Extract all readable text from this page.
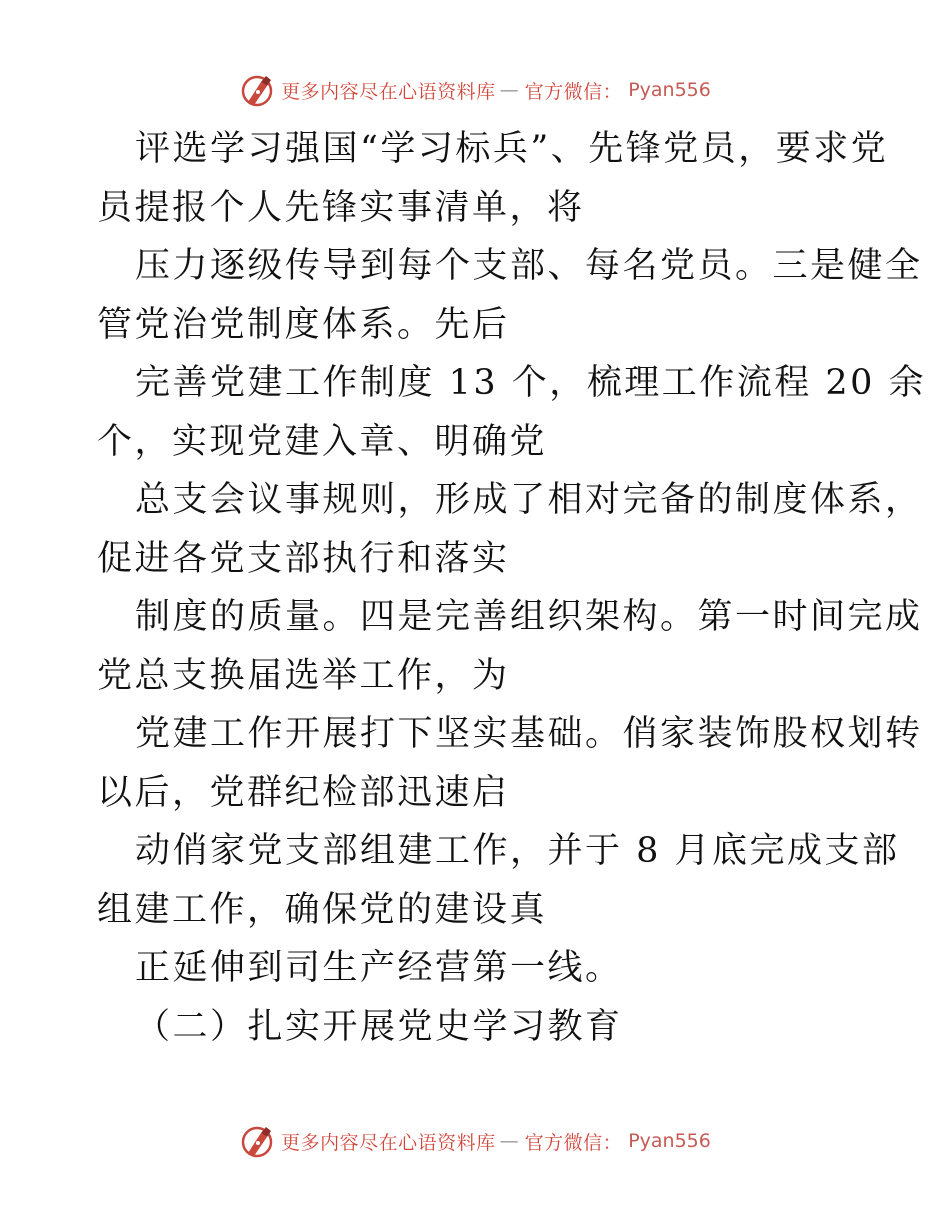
更多内容尽在心语资料库 — 官方微信： Pyan556

评选学习强国“学习标兵”、先锋党员，要求党

员提报个人先锋实事清单，将

压力逐级传导到每个支部、每名党员。三是健全

管党治党制度体系。先后

完善党建工作制度 13 个，梳理工作流程 20 余

个，实现党建入章、明确党

总支会议事规则，形成了相对完备的制度体系，

促进各党支部执行和落实

制度的质量。四是完善组织架构。第一时间完成

党总支换届选举工作，为

党建工作开展打下坚实基础。俏家装饰股权划转

以后，党群纪检部迅速启

动俏家党支部组建工作，并于 8 月底完成支部

组建工作，确保党的建设真

正延伸到司生产经营第一线。

（二）扎实开展党史学习教育

更多内容尽在心语资料库 — 官方微信： Pyan556
